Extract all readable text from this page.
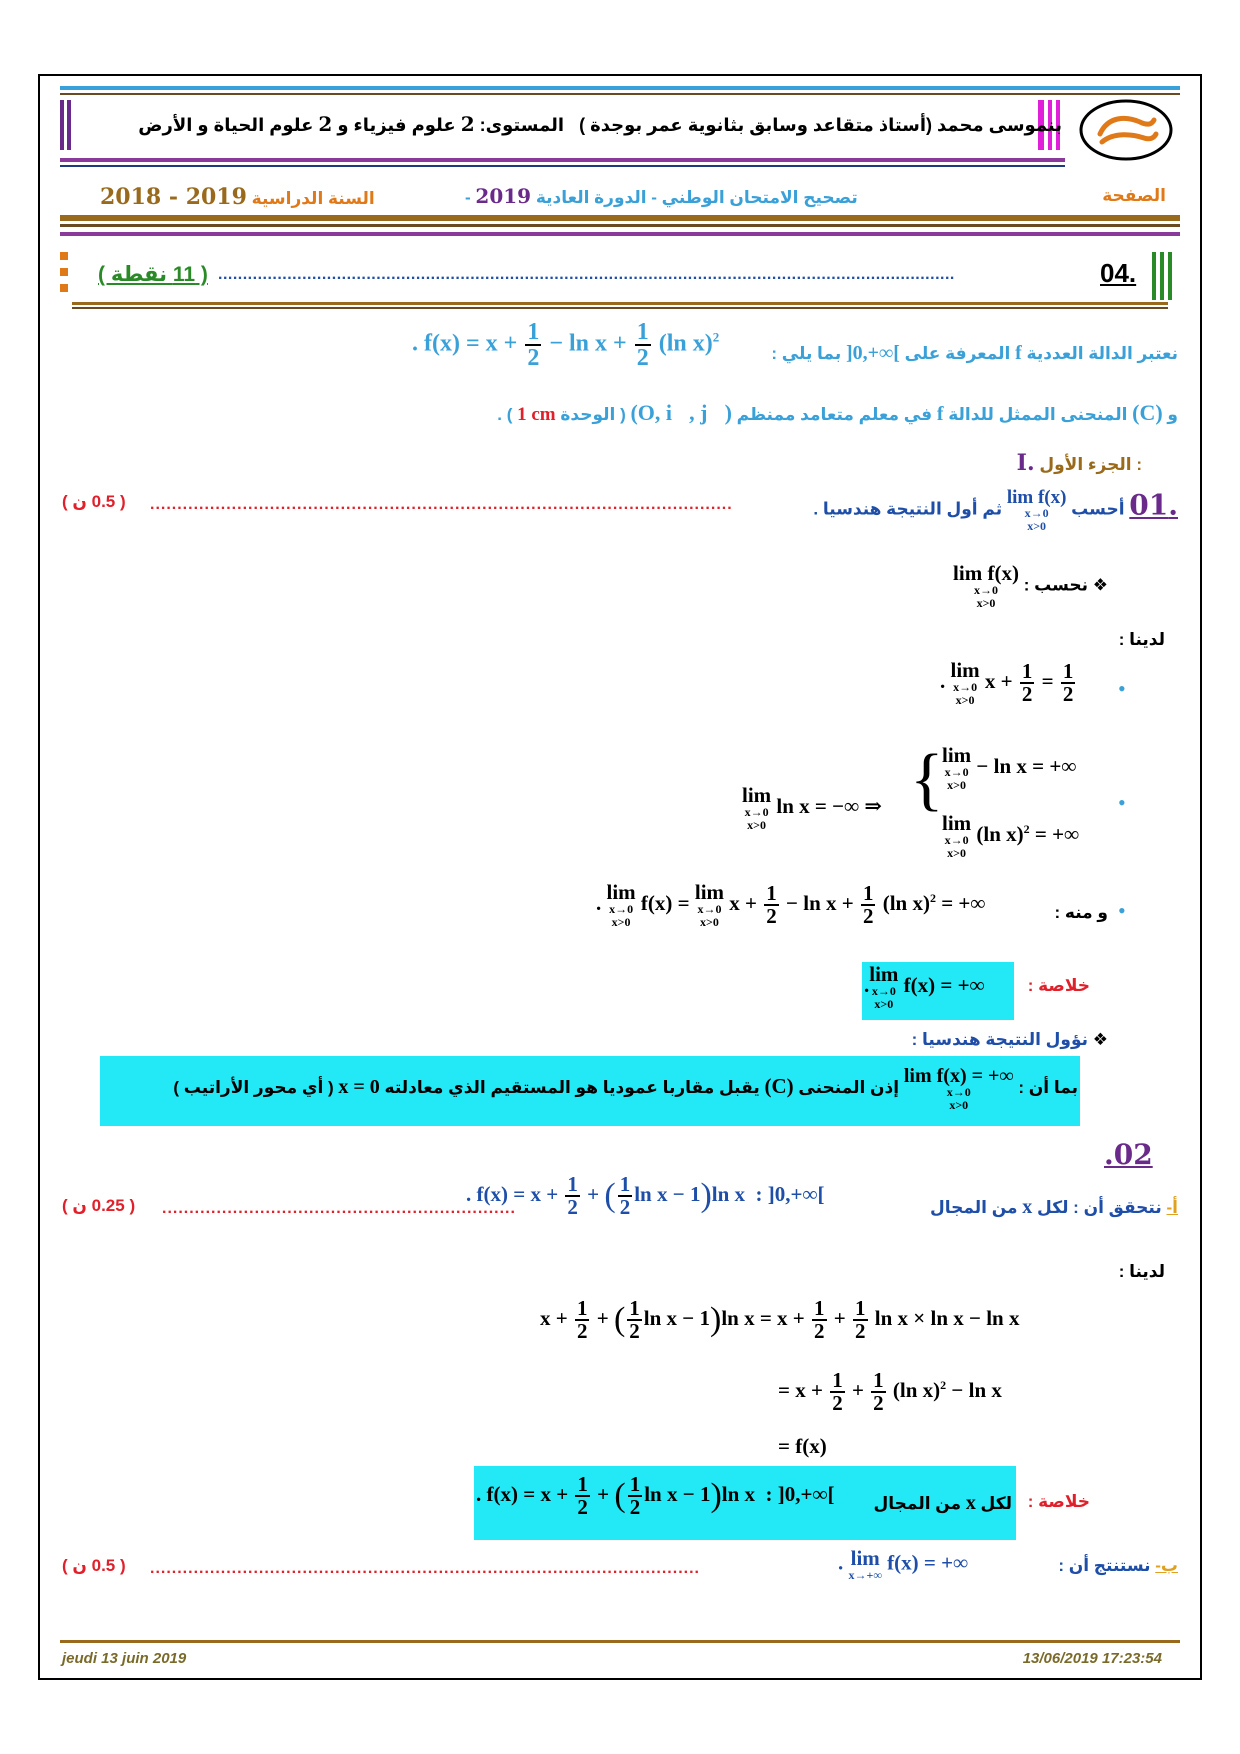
بنموسى محمد (أستاذ متقاعد وسابق بثانوية عمر بوجدة )   المستوى: 2 علوم فيزياء و 2 علوم الحياة و الأرض
الصفحة
تصحيح الامتحان الوطني - الدورة العادية 2019 -
السنة الدراسية 2019 - 2018
04.
.....................................................................................................................................................
( 11 نقطة )
نعتبر الدالة العددية f المعرفة على ]0,+∞[ بما يلي :
. $f(x) = x + \frac{1}{2} - \ln x + \frac{1}{2} (\ln$ x)$^2$
و (C) المنحنى الممثل للدالة f في معلم متعامد ممنظم (O, i⃗, j⃗) ( الوحدة 1 cm ) .
I. الجزء الأول :
.01 أحسب lim f(x)
x→0
x>0
ثم أول النتيجة هندسيا .
...........................................................................................................
( 0.5 ن )
❖ نحسب : lim f(x)
x→0
x>0
لدينا :
•
. lim
x→0
x>0
$x + \frac{1}{2} = \frac{1}{2}$
•
lim
x→0
x>0
ln x = −∞ ⇒ {
lim
x→0
x>0
− ln x = +∞
lim
x→0
x>0
(ln x)$^2$ = +∞
•
و منه :
. lim
x→0
x>0
f(x) = lim
x→0
x>0
$x + \frac{1}{2} - \ln x + \frac{1}{2} (\ln$ x)$^2$ = +∞
خلاصة :
.lim
x→0
x>0
f(x) = +∞
❖ نؤول النتيجة هندسيا :
بما أن : lim f(x) = +∞
x→0
x>0
إذن المنحنى (C) يقبل مقاربا عموديا هو المستقيم الذي معادلته x = 0 ( أي محور الأراتيب )
.02
أ- نتحقق أن : لكل x من المجال
. $f(x) = x + \frac{1}{2}$ + ( $\frac{1}{2}$ ln x − 1)ln x  : ]0,+∞[
.................................................................
( 0.25 ن )
لدينا :
$x + \frac{1}{2}$ + ( $\frac{1}{2}$ ln x − 1)ln $x = x + \frac{1}{2} + \frac{1}{2}$ ln x × ln x − ln x
= $x + \frac{1}{2} + \frac{1}{2} (\ln$ x)$^2$ − ln x
= f(x)
خلاصة :
لكل x من المجال
. $f(x) = x + \frac{1}{2}$ + ( $\frac{1}{2}$ ln x − 1)ln x  : ]0,+∞[
ب- نستنتج أن :
. lim
x→+∞
f(x) = +∞
.....................................................................................................
( 0.5 ن )
jeudi 13 juin 2019	13/06/2019 17:23:54
